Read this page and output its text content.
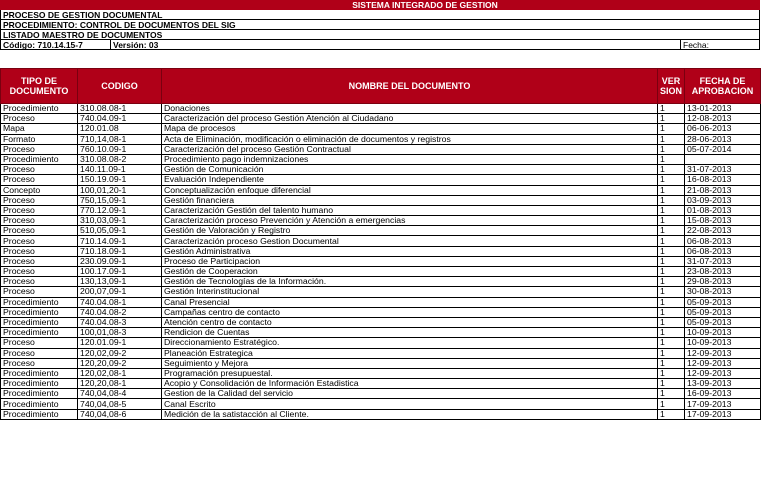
SISTEMA INTEGRADO DE GESTION
PROCESO DE GESTION DOCUMENTAL
PROCEDIMIENTO: CONTROL DE DOCUMENTOS DEL SIG
LISTADO MAESTRO DE DOCUMENTOS
Código: 710.14.15-7	Versión: 03	Fecha:
TIPO DE DOCUMENTO	CODIGO	NOMBRE DEL DOCUMENTO	VER SION	FECHA DE APROBACION
Procedimiento	310.08.08-1	Donaciones	1	13-01-2013
Proceso	740.04.09-1	Caracterización del proceso Gestión Atención al Ciudadano	1	12-08-2013
Mapa	120.01.08	Mapa de procesos	1	06-06-2013
Formato	710,14,08-1	Acta de Eliminación, modificación o eliminación de documentos y registros	1	28-06-2013
Proceso	760.10.09-1	Caracterización del proceso Gestión Contractual	1	05-07-2014
Procedimiento	310.08.08-2	Procedimiento pago indemnizaciones	1	
Proceso	140.11.09-1	Gestión de Comunicación	1	31-07-2013
Proceso	150.19.09-1	Evaluación Independiente	1	16-08-2013
Concepto	100,01,20-1	Conceptualización enfoque diferencial	1	21-08-2013
Proceso	750,15,09-1	Gestión financiera	1	03-09-2013
Proceso	770.12.09-1	Caracterización Gestión del talento humano	1	01-08-2013
Proceso	310,03,09-1	Caracterización proceso Prevención y Atención a emergencias	1	15-08-2013
Proceso	510,05,09-1	Gestión de Valoración y Registro	1	22-08-2013
Proceso	710.14.09-1	Caracterización proceso Gestion Documental	1	06-08-2013
Proceso	710.18.09-1	Gestión Administrativa	1	06-08-2013
Proceso	230.09.09-1	Proceso de Participacion	1	31-07-2013
Proceso	100.17.09-1	Gestión de Cooperacion	1	23-08-2013
Proceso	130,13,09-1	Gestión de Tecnologías de la Información.	1	29-08-2013
Proceso	200,07,09-1	Gestión Interinstitucional	1	30-08-2013
Procedimiento	740.04.08-1	Canal Presencial	1	05-09-2013
Procedimiento	740.04.08-2	Campañas centro de contacto	1	05-09-2013
Procedimiento	740.04.08-3	Atención centro de contacto	1	05-09-2013
Procedimiento	100,01,08-3	Rendicion de Cuentas	1	10-09-2013
Proceso	120.01.09-1	Direccionamiento Estratégico.	1	10-09-2013
Proceso	120,02,09-2	Planeación Estrategica	1	12-09-2013
Proceso	120,20,09-2	Seguimiento y Mejora	1	12-09-2013
Procedimiento	120,02,08-1	Programación presupuestal.	1	12-09-2013
Procedimiento	120,20,08-1	Acopio y Consolidación de Información Estadistica	1	13-09-2013
Procedimiento	740,04,08-4	Gestion de la Calidad del servicio	1	16-09-2013
Procedimiento	740,04,08-5	Canal Escrito	1	17-09-2013
Procedimiento	740,04,08-6	Medición de la satistacción al Cliente.	1	17-09-2013
